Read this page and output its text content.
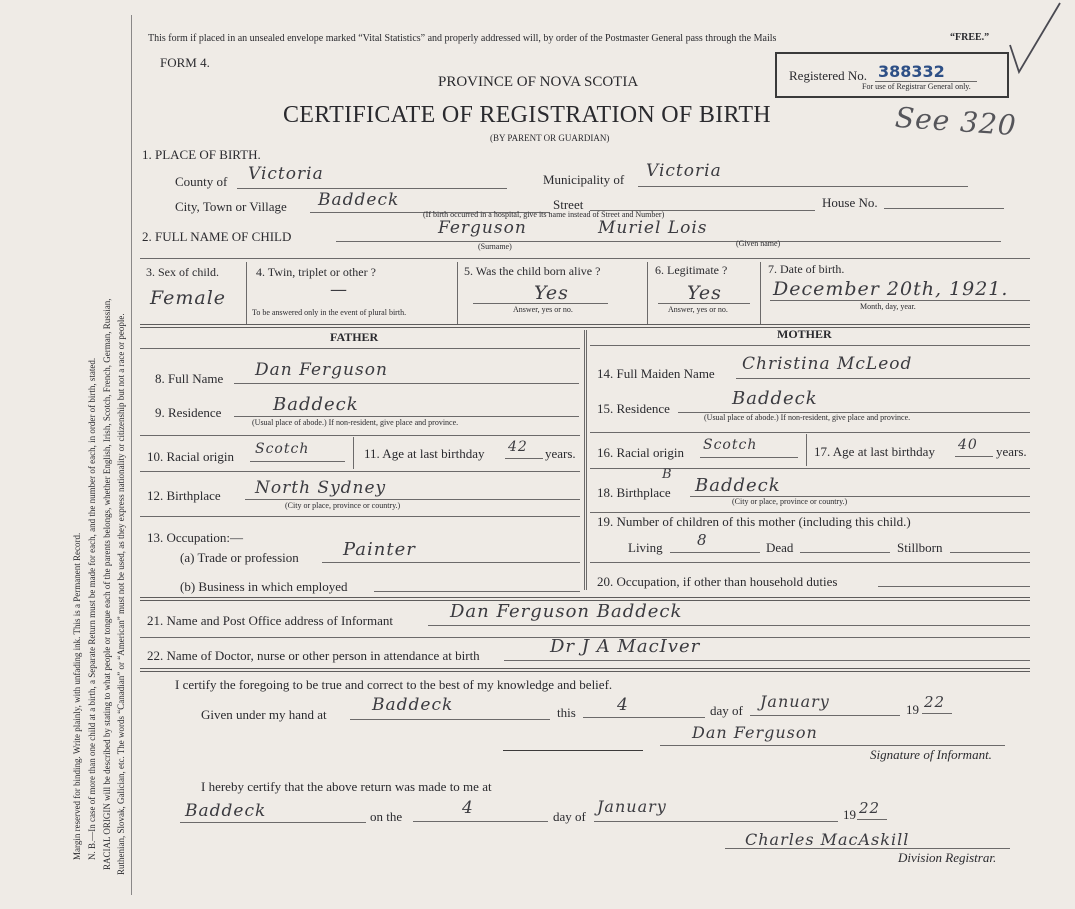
Margin reserved for binding. Write plainly, with unfading ink. This is a Permanent Record. N. B.—In case of more than one child at a birth, a Separate Return must be made for each, and the number of each, in order of birth, stated. RACIAL ORIGIN will be described by stating to what people or tongue each of the parents belongs, whether English, Irish, Scotch, French, German, Russian, Ruthenian, Slovak, Galician, etc. The words “Canadian” or “American” must not be used, as they express nationality or citizenship but not a race or people.
This form if placed in an unsealed envelope marked “Vital Statistics” and properly addressed will, by order of the Postmaster General pass through the Mails	“FREE.”
FORM 4.
PROVINCE OF NOVA SCOTIA
CERTIFICATE OF REGISTRATION OF BIRTH
(BY PARENT OR GUARDIAN)
Registered No. 388332
For use of Registrar General only.
See 320
1. PLACE OF BIRTH.
County of Victoria	Municipality of Victoria
City, Town or Village Baddeck	Street	House No.
(If birth occurred in a hospital, give its name instead of Street and Number)
2. FULL NAME OF CHILD	Ferguson	Muriel Lois
(Surname)	(Given name)
3. Sex of child.
Female
4. Twin, triplet or other ?
—
To be answered only in the event of plural birth.
5. Was the child born alive ?
Yes
Answer, yes or no.
6. Legitimate ?
Yes
Answer, yes or no.
7. Date of birth.
December 20th, 1921.
Month, day, year.
FATHER	MOTHER
8. Full Name Dan Ferguson
9. Residence	Baddeck
(Usual place of abode.) If non-resident, give place and province.
10. Racial origin Scotch	11. Age at last birthday 42 years.
12. Birthplace North Sydney
(City or place, province or country.)
13. Occupation:—
(a) Trade or profession Painter
(b) Business in which employed
14. Full Maiden Name Christina McLeod
15. Residence	Baddeck
(Usual place of abode.) If non-resident, give place and province.
16. Racial origin Scotch	17. Age at last birthday 40 years.
18. Birthplace
B
Baddeck
(City or place, province or country.)
19. Number of children of this mother (including this child.)
Living 8	Dead	Stillborn
20. Occupation, if other than household duties
21. Name and Post Office address of Informant	Dan Ferguson Baddeck
22. Name of Doctor, nurse or other person in attendance at birth	Dr J A MacIver
I certify the foregoing to be true and correct to the best of my knowledge and belief.
Given under my hand at	Baddeck	this 4	day of January	19 22
Dan Ferguson
Signature of Informant.
I hereby certify that the above return was made to me at
Baddeck	on the	4	day of
January	19 22
Charles MacAskill
Division Registrar.
